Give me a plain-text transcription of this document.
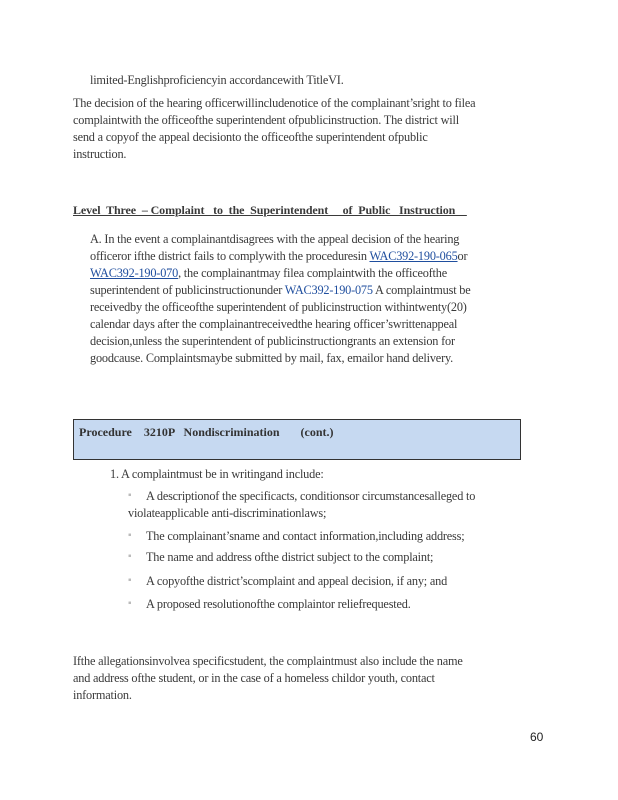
limited-Englishproficiencyin accordancewith TitleVI.
The decision of the hearing officerwillincludenotice of the complainant’sright to filea
complaintwith the officeofthe superintendent ofpublicinstruction. The district will
send a copyof the appeal decisionto the officeofthe superintendent ofpublic
instruction.
Level  Three  – Complaint   to  the  Superintendent     of  Public   Instruction
A. In the event a complainantdisagrees with the appeal decision of the hearing
officeror ifthe district fails to complywith the proceduresin WAC392-190-065or
WAC392-190-070, the complainantmay filea complaintwith the officeofthe
superintendent of publicinstructionunder WAC392-190-075 A complaintmust be
receivedby the officeofthe superintendent of publicinstruction withintwenty(20)
calendar days after the complainantreceivedthe hearing officer’swrittenappeal
decision,unless the superintendent of publicinstructiongrants an extension for
goodcause. Complaintsmaybe submitted by mail, fax, emailor hand delivery.
Procedure    3210P   Nondiscrimination       (cont.)
1. A complaintmust be in writingand include:
▪ A descriptionof the specificacts, conditionsor circumstancesalleged to
violateapplicable anti-discriminationlaws;
▪ The complainant’sname and contact information,including address;
▪ The name and address ofthe district subject to the complaint;
▪ A copyofthe district’scomplaint and appeal decision, if any; and
▪ A proposed resolutionofthe complaintor reliefrequested.
Ifthe allegationsinvolvea specificstudent, the complaintmust also include the name
and address ofthe student, or in the case of a homeless childor youth, contact
information.
60
